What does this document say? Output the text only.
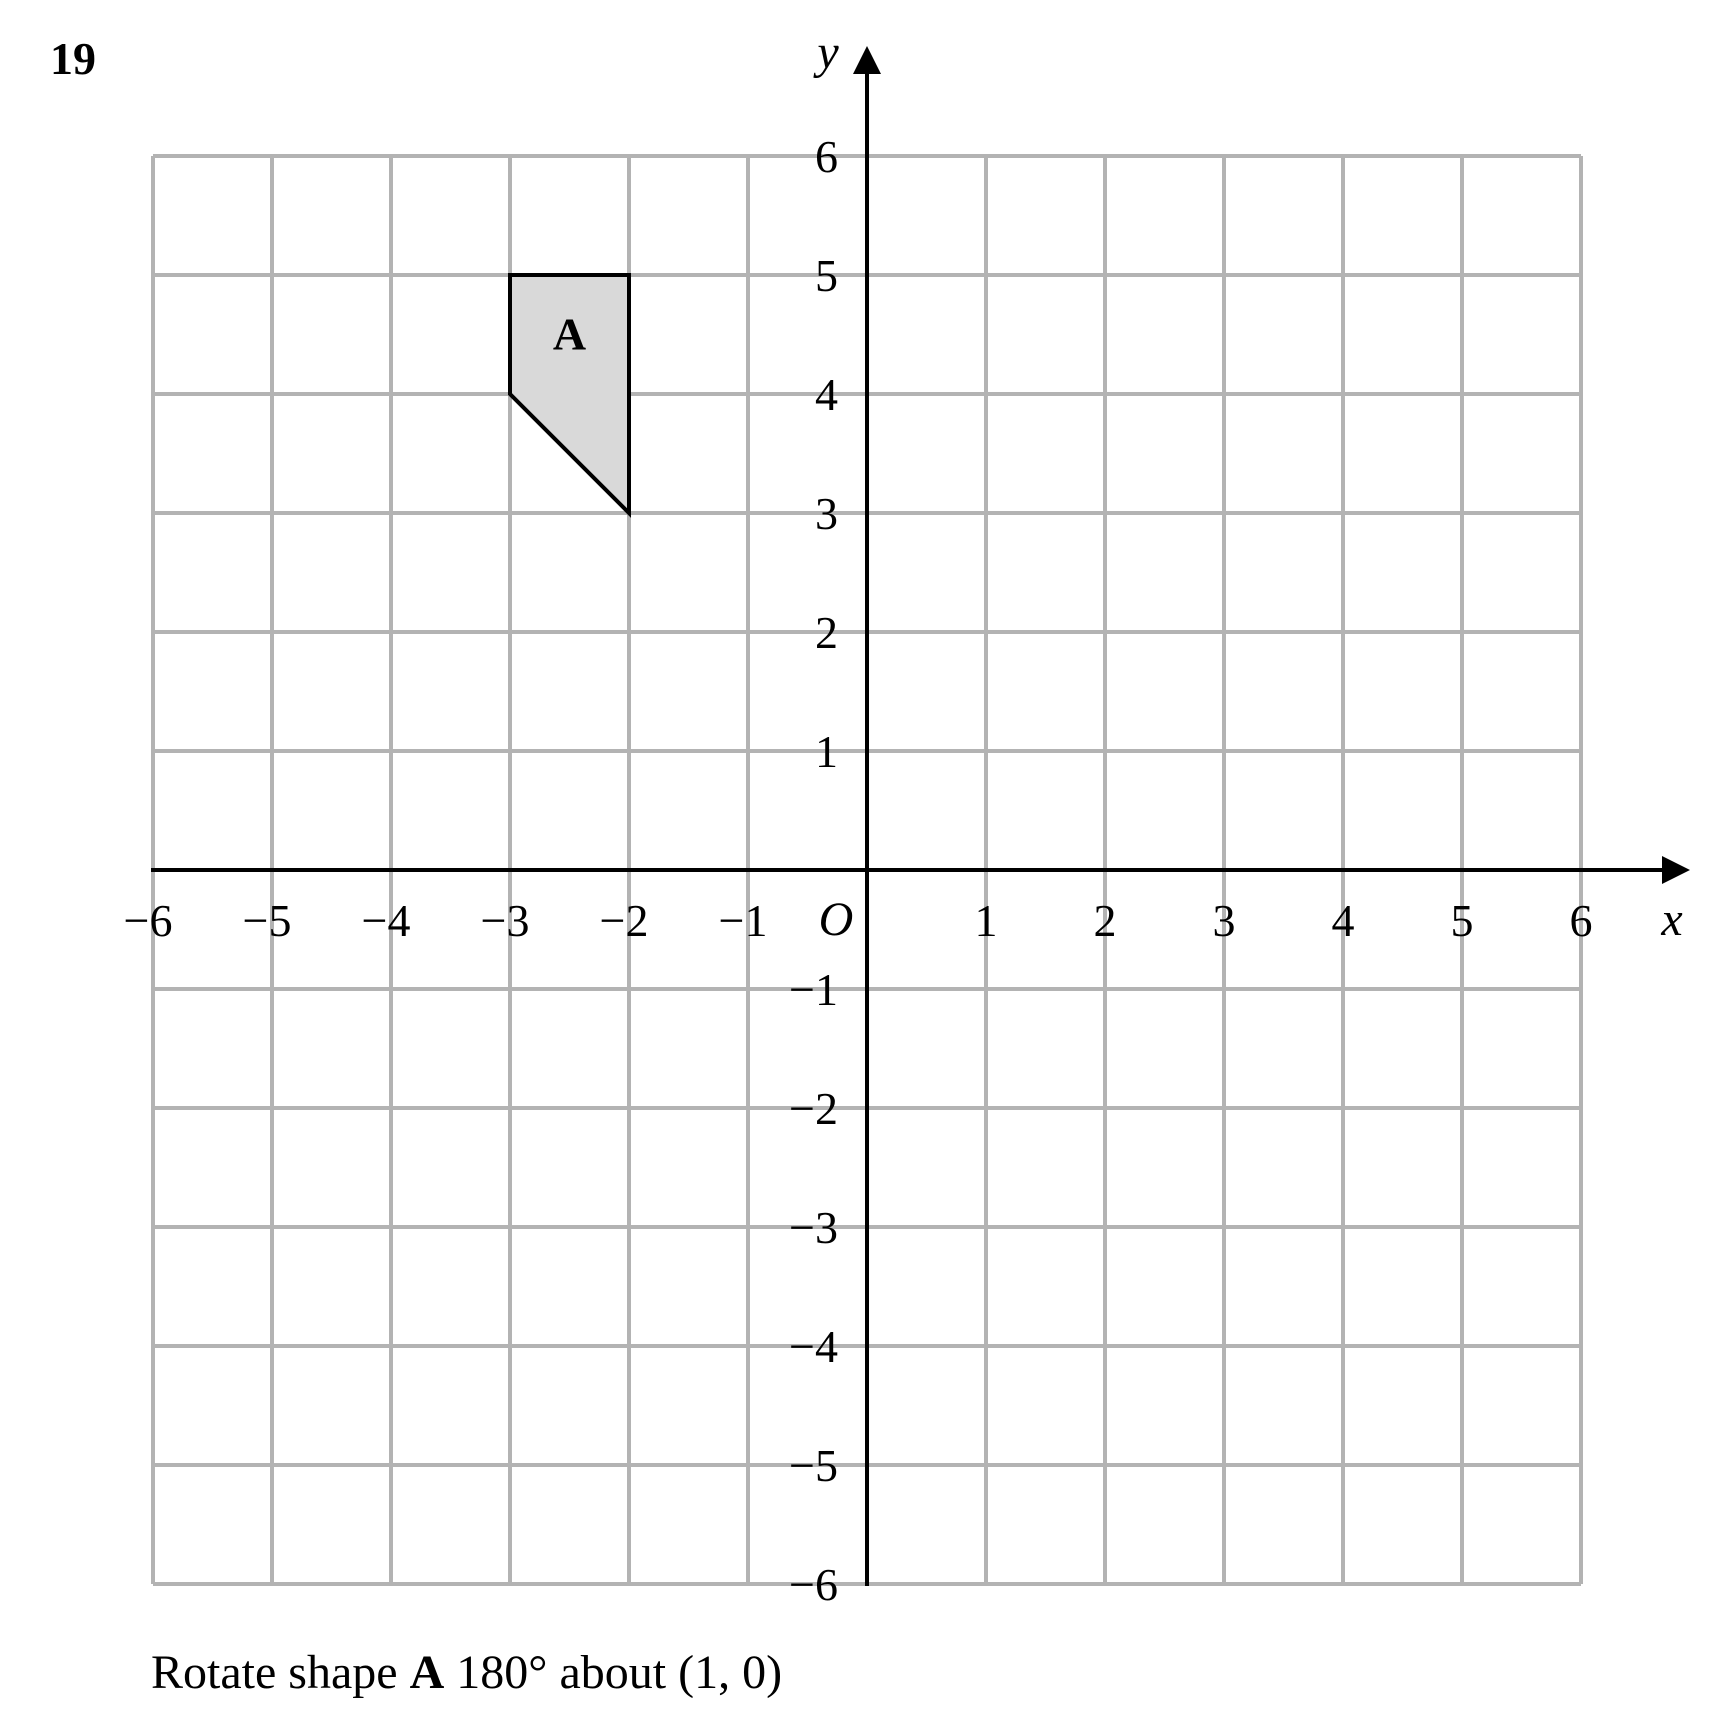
19
x
y
O
−6 −5 −4 −3 −2 −1	1 2 3 4 5 6
6
5
4
3
2
1
−1
−2
−3
−4
−5
−6
A
Rotate shape A 180° about (1, 0)
